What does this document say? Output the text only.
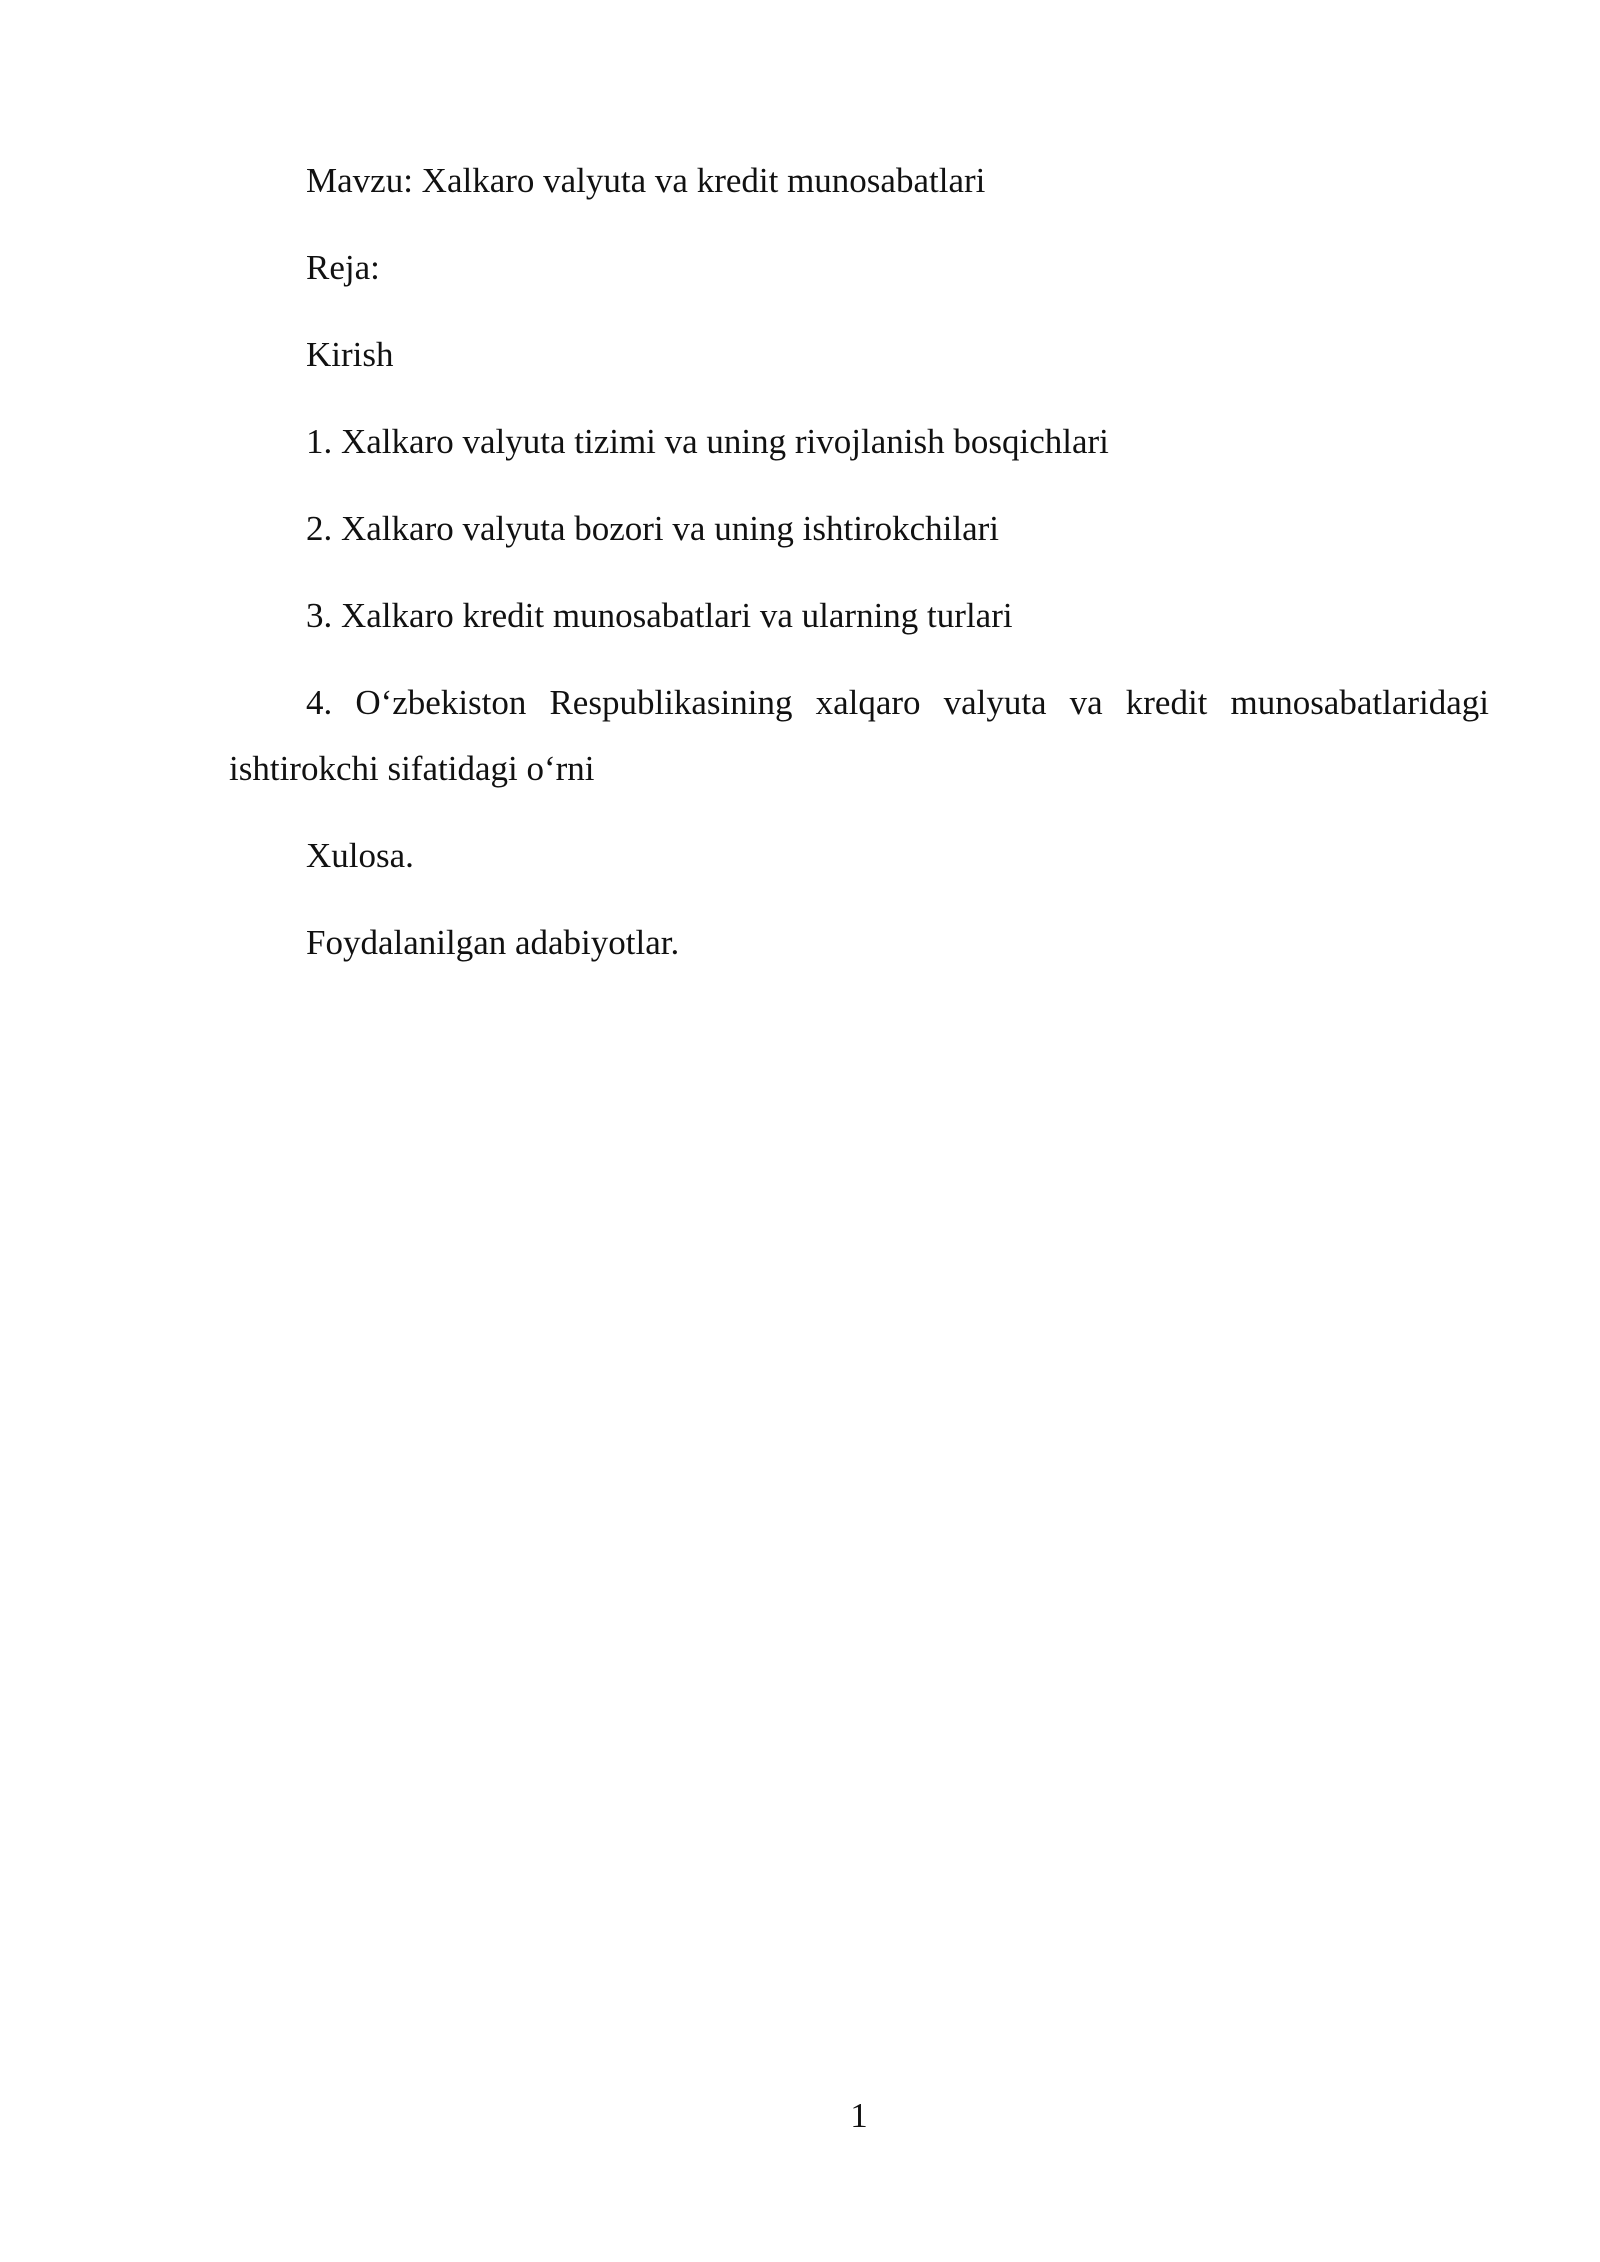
Mavzu: Xalkaro valyuta va kredit munosabatlari

Reja:

Kirish

1. Xalkaro valyuta tizimi va uning rivojlanish bosqichlari

2. Xalkaro valyuta bozori va uning ishtirokchilari

3. Xalkaro kredit munosabatlari va ularning turlari

4. O‘zbekiston Respublikasining xalqaro valyuta va kredit munosabatlaridagi ishtirokchi sifatidagi o‘rni

Xulosa.

Foydalanilgan adabiyotlar.

1
